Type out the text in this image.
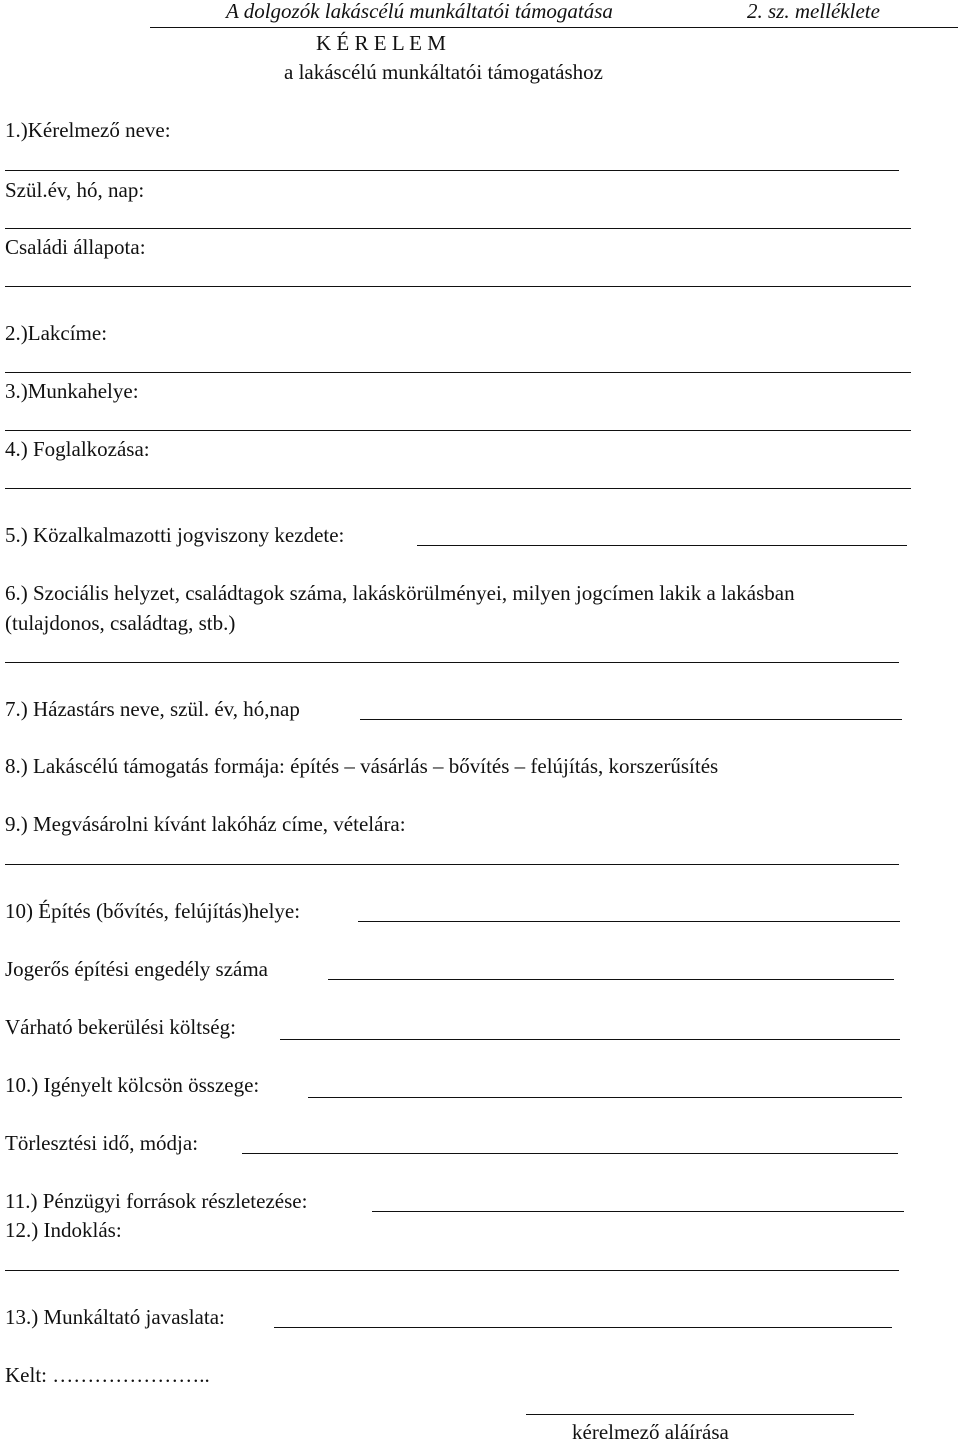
A dolgozók lakáscélú munkáltatói támogatása	2. sz. melléklete
K É R E L E M
a lakáscélú munkáltatói támogatáshoz
1.)Kérelmező neve:
Szül.év, hó, nap:
Családi állapota:
2.)Lakcíme:
3.)Munkahelye:
4.) Foglalkozása:
5.) Közalkalmazotti jogviszony kezdete:
6.) Szociális helyzet, családtagok száma, lakáskörülményei, milyen jogcímen lakik a lakásban
(tulajdonos, családtag, stb.)
7.) Házastárs neve, szül. év, hó,nap
8.) Lakáscélú támogatás formája: építés – vásárlás – bővítés – felújítás, korszerűsítés
9.) Megvásárolni kívánt lakóház címe, vételára:
10) Építés (bővítés, felújítás)helye:
Jogerős építési engedély száma
Várható bekerülési költség:
10.) Igényelt kölcsön összege:
Törlesztési idő, módja:
11.) Pénzügyi források részletezése:
12.) Indoklás:
13.) Munkáltató javaslata:
Kelt: …………………..
kérelmező aláírása
